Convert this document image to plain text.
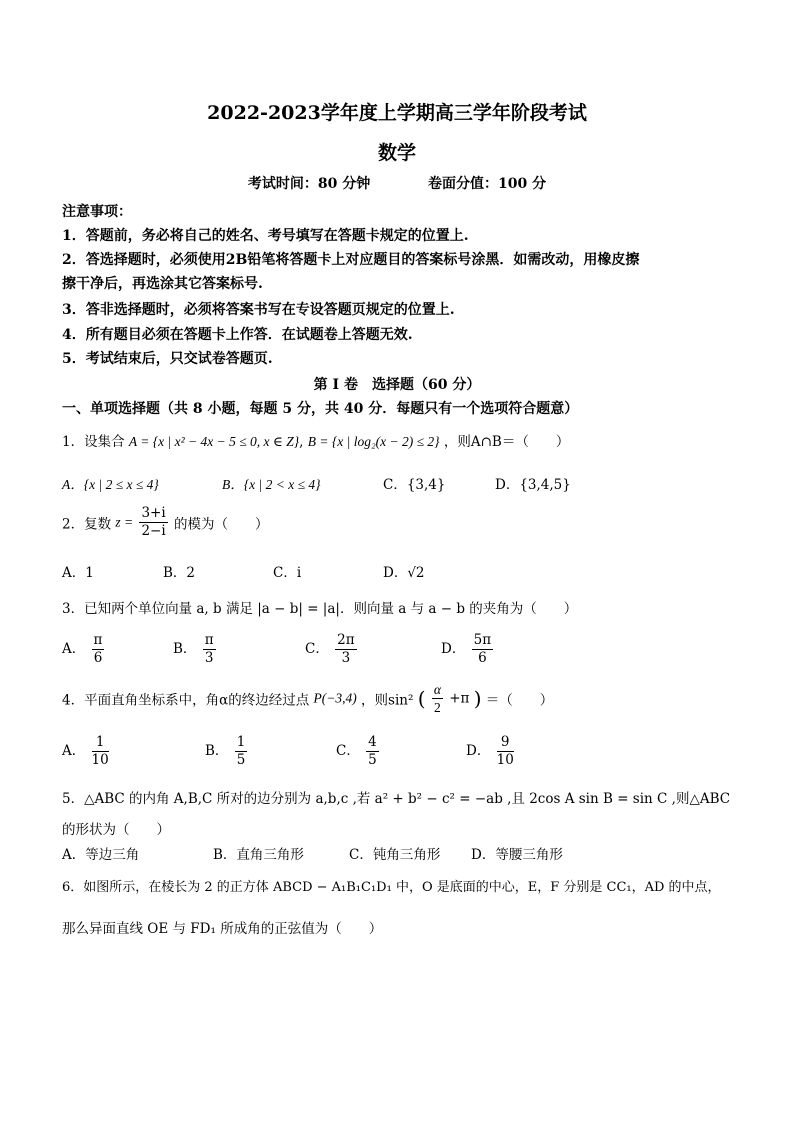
2022-2023学年度上学期高三学年阶段考试
数学
考试时间：80 分钟	卷面分值：100 分
注意事项：
1．答题前，务必将自己的姓名、考号填写在答题卡规定的位置上.
2．答选择题时，必须使用2B铅笔将答题卡上对应题目的答案标号涂黑．如需改动，用橡皮擦
擦干净后，再选涂其它答案标号.
3．答非选择题时，必须将答案书写在专设答题页规定的位置上.
4．所有题目必须在答题卡上作答．在试题卷上答题无效.
5．考试结束后，只交试卷答题页.
第 I 卷　选择题（60 分）
一、单项选择题（共 8 小题，每题 5 分，共 40 分．每题只有一个选项符合题意）
1．设集合 A = {x | x² − 4x − 5 ≤ 0, x ∈ Z}, B = {x | log₂(x − 2) ≤ 2} ，则A∩B＝（　　）
A．{x | 2 ≤ x ≤ 4}	B．{x | 2 < x ≤ 4}	C．{3,4}	D．{3,4,5}
2．复数 $z = \frac{3+i}{2-i}$ 的模为（　　）
A．1	B．2	C．i	D．√2
3．已知两个单位向量 a, b 满足 |a − b| = |a|．则向量 a 与 a − b 的夹角为（　　）
A． $\frac{\pi}{6}$	B． $\frac{\pi}{3}$	C． $\frac{2\pi}{3}$	D． $\frac{5\pi}{6}$
4．平面直角坐标系中，角α的终边经过点 P(−3,4) ，则sin² ( $\frac{\alpha}{2} +\pi$ ) ＝（　　）
A． $\frac{1}{10}$	B． $\frac{1}{5}$	C． $\frac{4}{5}$	D． $\frac{9}{10}$
5．△ABC 的内角 A,B,C 所对的边分别为 a,b,c ,若 a² + b² − c² = −ab ,且 2cos A sin B = sin C ,则△ABC
的形状为（　　）
A．等边三角	B．直角三角形	C．钝角三角形 D．等腰三角形
6．如图所示，在棱长为 2 的正方体 ABCD − A₁B₁C₁D₁ 中，O 是底面的中心，E，F 分别是 CC₁，AD 的中点，
那么异面直线 OE 与 FD₁ 所成角的正弦值为（　　）
